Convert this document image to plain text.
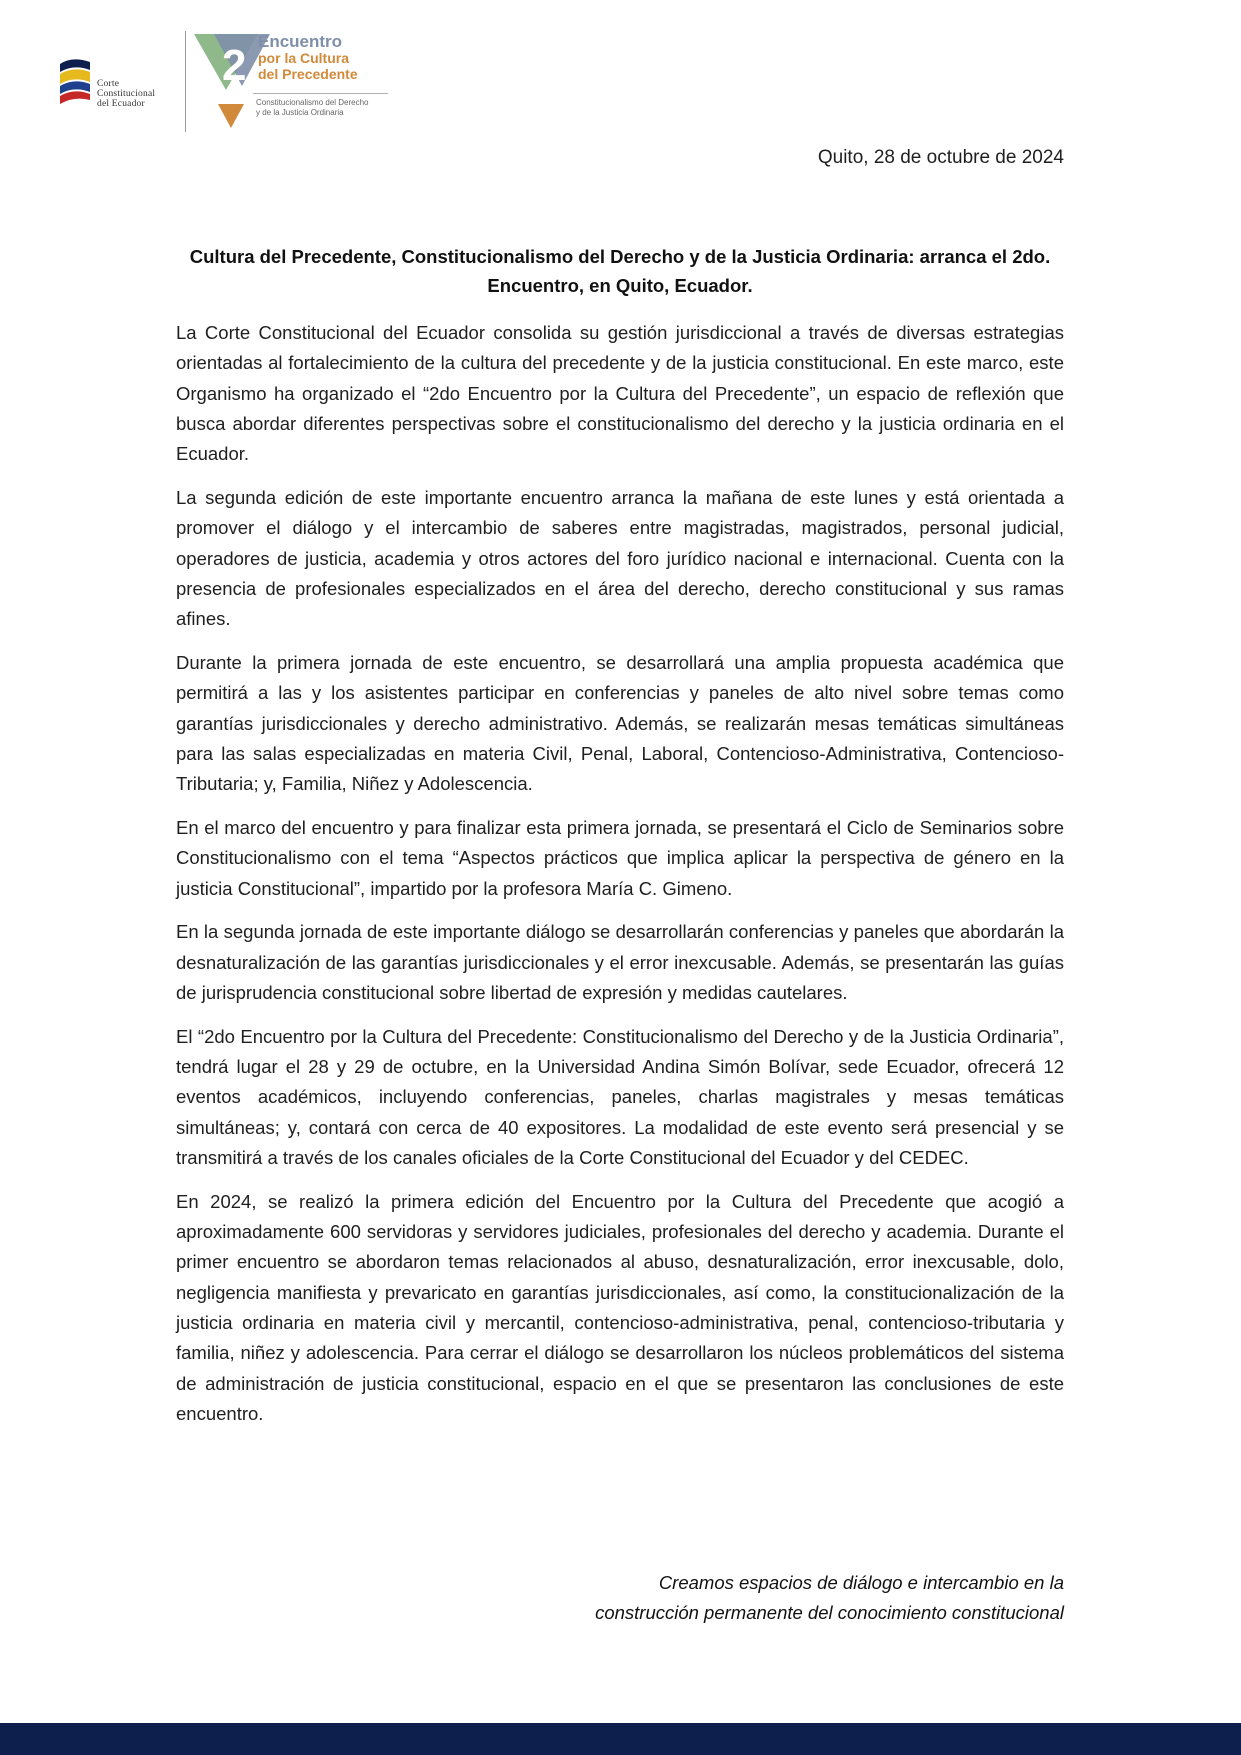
Corte
Constitucional
del Ecuador
2
do.
Encuentro
por la Cultura
del Precedente
Constitucionalismo del Derecho
y de la Justicia Ordinaria
Quito, 28 de octubre de 2024
Cultura del Precedente, Constitucionalismo del Derecho y de la Justicia Ordinaria: arranca el 2do. Encuentro, en Quito, Ecuador.

La Corte Constitucional del Ecuador consolida su gestión jurisdiccional a través de diversas estrategias orientadas al fortalecimiento de la cultura del precedente y de la justicia constitucional. En este marco, este Organismo ha organizado el “2do Encuentro por la Cultura del Precedente”, un espacio de reflexión que busca abordar diferentes perspectivas sobre el constitucionalismo del derecho y la justicia ordinaria en el Ecuador.

La segunda edición de este importante encuentro arranca la mañana de este lunes y está orientada a promover el diálogo y el intercambio de saberes entre magistradas, magistrados, personal judicial, operadores de justicia, academia y otros actores del foro jurídico nacional e internacional. Cuenta con la presencia de profesionales especializados en el área del derecho, derecho constitucional y sus ramas afines.

Durante la primera jornada de este encuentro, se desarrollará una amplia propuesta académica que permitirá a las y los asistentes participar en conferencias y paneles de alto nivel sobre temas como garantías jurisdiccionales y derecho administrativo. Además, se realizarán mesas temáticas simultáneas para las salas especializadas en materia Civil, Penal, Laboral, Contencioso-Administrativa, Contencioso-Tributaria; y, Familia, Niñez y Adolescencia.

En el marco del encuentro y para finalizar esta primera jornada, se presentará el Ciclo de Seminarios sobre Constitucionalismo con el tema “Aspectos prácticos que implica aplicar la perspectiva de género en la justicia Constitucional”, impartido por la profesora María C. Gimeno.

En la segunda jornada de este importante diálogo se desarrollarán conferencias y paneles que abordarán la desnaturalización de las garantías jurisdiccionales y el error inexcusable. Además, se presentarán las guías de jurisprudencia constitucional sobre libertad de expresión y medidas cautelares.

El “2do Encuentro por la Cultura del Precedente: Constitucionalismo del Derecho y de la Justicia Ordinaria”, tendrá lugar el 28 y 29 de octubre, en la Universidad Andina Simón Bolívar, sede Ecuador, ofrecerá 12 eventos académicos, incluyendo conferencias, paneles, charlas magistrales y mesas temáticas simultáneas; y, contará con cerca de 40 expositores. La modalidad de este evento será presencial y se transmitirá a través de los canales oficiales de la Corte Constitucional del Ecuador y del CEDEC.

En 2024, se realizó la primera edición del Encuentro por la Cultura del Precedente que acogió a aproximadamente 600 servidoras y servidores judiciales, profesionales del derecho y academia. Durante el primer encuentro se abordaron temas relacionados al abuso, desnaturalización, error inexcusable, dolo, negligencia manifiesta y prevaricato en garantías jurisdiccionales, así como, la constitucionalización de la justicia ordinaria en materia civil y mercantil, contencioso-administrativa, penal, contencioso-tributaria y familia, niñez y adolescencia. Para cerrar el diálogo se desarrollaron los núcleos problemáticos del sistema de administración de justicia constitucional, espacio en el que se presentaron las conclusiones de este encuentro.

Creamos espacios de diálogo e intercambio en la
construcción permanente del conocimiento constitucional
